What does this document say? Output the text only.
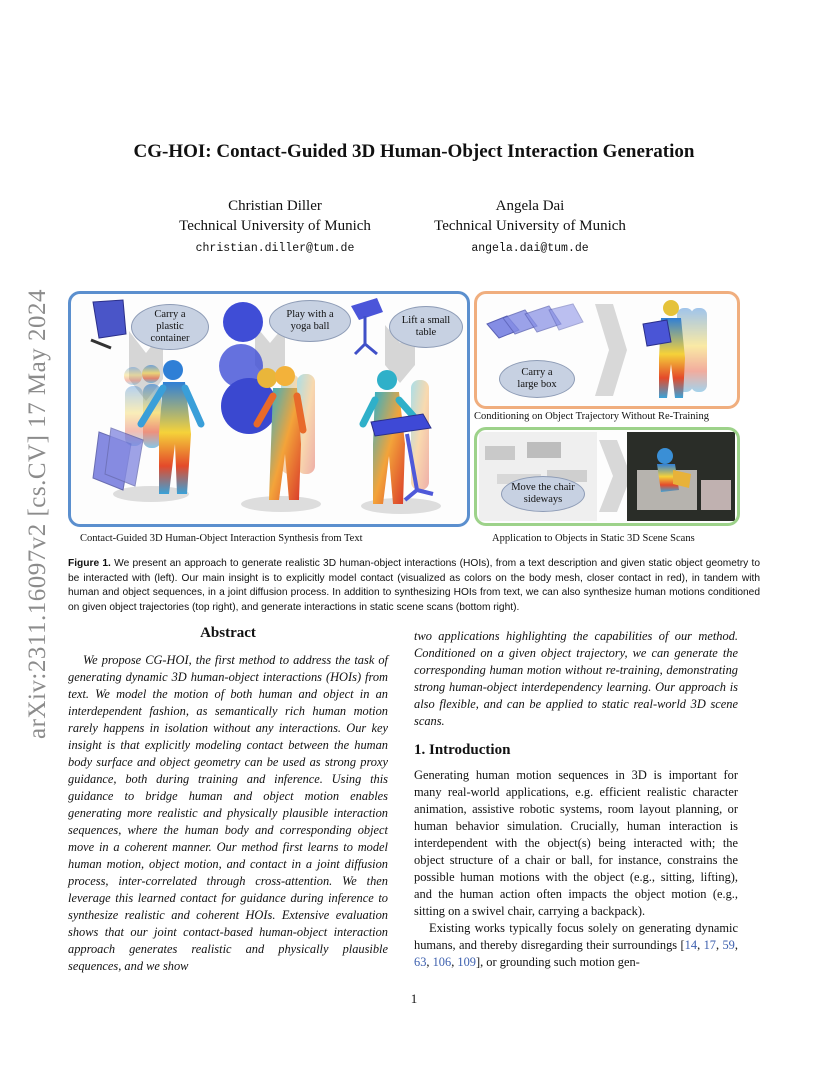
arXiv:2311.16097v2 [cs.CV] 17 May 2024
CG-HOI: Contact-Guided 3D Human-Object Interaction Generation
Christian Diller
Technical University of Munich
christian.diller@tum.de
Angela Dai
Technical University of Munich
angela.dai@tum.de
Carry a plastic container
Play with a yoga ball
Lift a small table
Contact-Guided 3D Human-Object Interaction Synthesis from Text
Carry a large box
Conditioning on Object Trajectory Without Re-Training
Move the chair sideways
Application to Objects in Static 3D Scene Scans

Figure 1. We present an approach to generate realistic 3D human-object interactions (HOIs), from a text description and given static object geometry to be interacted with (left). Our main insight is to explicitly model contact (visualized as colors on the body mesh, closer contact in red), in tandem with human and object sequences, in a joint diffusion process. In addition to synthesizing HOIs from text, we can also synthesize human motions conditioned on given object trajectories (top right), and generate interactions in static scene scans (bottom right).

Abstract

We propose CG-HOI, the first method to address the task of generating dynamic 3D human-object interactions (HOIs) from text. We model the motion of both human and object in an interdependent fashion, as semantically rich human motion rarely happens in isolation without any interactions. Our key insight is that explicitly modeling contact between the human body surface and object geometry can be used as strong proxy guidance, both during training and inference. Using this guidance to bridge human and object motion enables generating more realistic and physically plausible interaction sequences, where the human body and corresponding object move in a coherent manner. Our method first learns to model human motion, object motion, and contact in a joint diffusion process, inter-correlated through cross-attention. We then leverage this learned contact for guidance during inference to synthesize realistic and coherent HOIs. Extensive evaluation shows that our joint contact-based human-object interaction approach generates realistic and physically plausible sequences, and we show

two applications highlighting the capabilities of our method. Conditioned on a given object trajectory, we can generate the corresponding human motion without re-training, demonstrating strong human-object interdependency learning. Our approach is also flexible, and can be applied to static real-world 3D scene scans.

1. Introduction

Generating human motion sequences in 3D is important for many real-world applications, e.g. efficient realistic character animation, assistive robotic systems, room layout planning, or human behavior simulation. Crucially, human interaction is interdependent with the object(s) being interacted with; the object structure of a chair or ball, for instance, constrains the possible human motions with the object (e.g., sitting, lifting), and the human action often impacts the object motion (e.g., sitting on a swivel chair, carrying a backpack).

Existing works typically focus solely on generating dynamic humans, and thereby disregarding their surroundings [14, 17, 59, 63, 106, 109], or grounding such motion gen-

1
